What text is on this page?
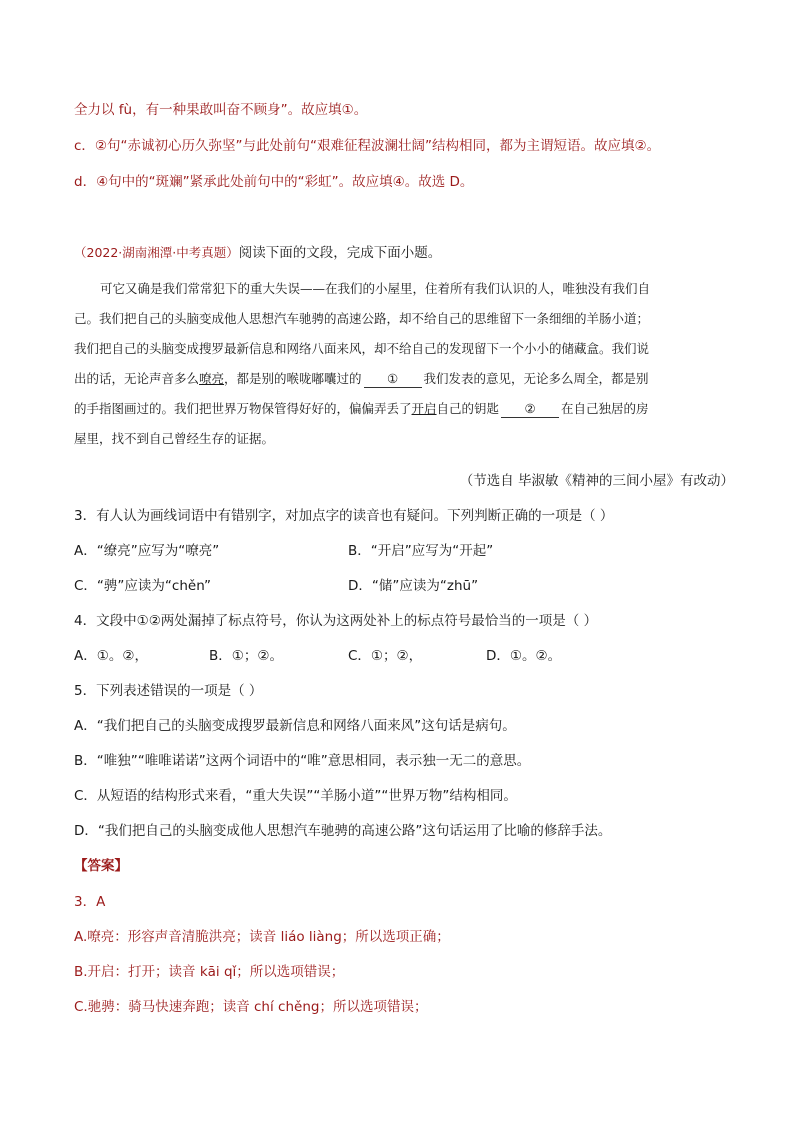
全力以 fù，有一种果敢叫奋不顾身”。故应填①。
c．②句“赤诚初心历久弥坚”与此处前句“艰难征程波澜壮阔”结构相同，都为主谓短语。故应填②。
d．④句中的“斑斓”紧承此处前句中的“彩虹”。故应填④。故选 D。
（2022·湖南湘潭·中考真题）阅读下面的文段，完成下面小题。
可它又确是我们常常犯下的重大失误——在我们的小屋里，住着所有我们认识的人，唯独没有我们自
己。我们把自己的头脑变成他人思想汽车驰骋的高速公路，却不给自己的思维留下一条细细的羊肠小道；
我们把自己的头脑变成搜罗最新信息和网络八面来风，却不给自己的发现留下一个小小的储藏盒。我们说
出的话，无论声音多么嘹亮，都是别的喉咙嘟囔过的 ① 我们发表的意见，无论多么周全，都是别
的手指图画过的。我们把世界万物保管得好好的，偏偏弄丢了开启自己的钥匙 ② 在自己独居的房
屋里，找不到自己曾经生存的证据。
（节选自 毕淑敏《精神的三间小屋》有改动）
3．有人认为画线词语中有错别字，对加点字的读音也有疑问。下列判断正确的一项是（ ）
A．“缭亮”应写为“嘹亮”	B．“开启”应写为“开起”
C．“骋”应读为“chěn”	D．“储”应读为“zhū”
4．文段中①②两处漏掉了标点符号，你认为这两处补上的标点符号最恰当的一项是（ ）
A．①。②，	B．①；②。	C．①；②，	D．①。②。
5．下列表述错误的一项是（ ）
A．“我们把自己的头脑变成搜罗最新信息和网络八面来风”这句话是病句。
B．“唯独”“唯唯诺诺”这两个词语中的“唯”意思相同，表示独一无二的意思。
C．从短语的结构形式来看，“重大失误”“羊肠小道”“世界万物”结构相同。
D．“我们把自己的头脑变成他人思想汽车驰骋的高速公路”这句话运用了比喻的修辞手法。
【答案】
3．A
A.嘹亮：形容声音清脆洪亮；读音 liáo liàng；所以选项正确；
B.开启：打开；读音 kāi qǐ；所以选项错误；
C.驰骋：骑马快速奔跑；读音 chí chěng；所以选项错误；
